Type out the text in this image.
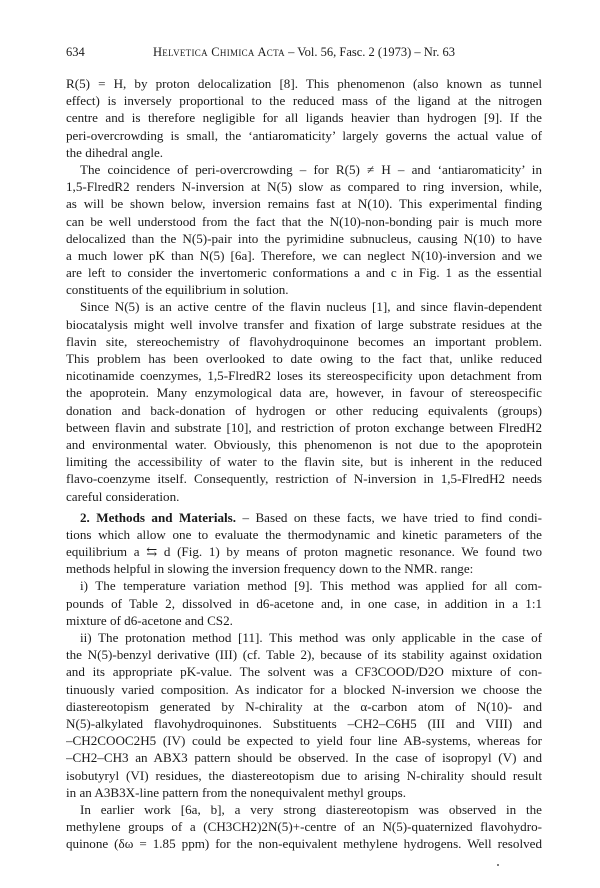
634	Helvetica Chimica Acta – Vol. 56, Fasc. 2 (1973) – Nr. 63
R(5) = H, by proton delocalization [8]. This phenomenon (also known as tunnel
effect) is inversely proportional to the reduced mass of the ligand at the nitrogen
centre and is therefore negligible for all ligands heavier than hydrogen [9]. If the
peri-overcrowding is small, the ‘antiaromaticity’ largely governs the actual value of
the dihedral angle.
The coincidence of peri-overcrowding – for R(5) ≠ H – and ‘antiaromaticity’ in
1,5-FlredR2 renders N-inversion at N(5) slow as compared to ring inversion, while,
as will be shown below, inversion remains fast at N(10). This experimental finding
can be well understood from the fact that the N(10)-non-bonding pair is much more
delocalized than the N(5)-pair into the pyrimidine subnucleus, causing N(10) to have
a much lower pK than N(5) [6a]. Therefore, we can neglect N(10)-inversion and we
are left to consider the invertomeric conformations a and c in Fig. 1 as the essential
constituents of the equilibrium in solution.
Since N(5) is an active centre of the flavin nucleus [1], and since flavin-dependent
biocatalysis might well involve transfer and fixation of large substrate residues at the
flavin site, stereochemistry of flavohydroquinone becomes an important problem.
This problem has been overlooked to date owing to the fact that, unlike reduced
nicotinamide coenzymes, 1,5-FlredR2 loses its stereospecificity upon detachment from
the apoprotein. Many enzymological data are, however, in favour of stereospecific
donation and back-donation of hydrogen or other reducing equivalents (groups)
between flavin and substrate [10], and restriction of proton exchange between FlredH2
and environmental water. Obviously, this phenomenon is not due to the apoprotein
limiting the accessibility of water to the flavin site, but is inherent in the reduced
flavo-coenzyme itself. Consequently, restriction of N-inversion in 1,5-FlredH2 needs
careful consideration.
2. Methods and Materials. – Based on these facts, we have tried to find condi-
tions which allow one to evaluate the thermodynamic and kinetic parameters of the
equilibrium a ⇆ d (Fig. 1) by means of proton magnetic resonance. We found two
methods helpful in slowing the inversion frequency down to the NMR. range:
i) The temperature variation method [9]. This method was applied for all com-
pounds of Table 2, dissolved in d6-acetone and, in one case, in addition in a 1:1
mixture of d6-acetone and CS2.
ii) The protonation method [11]. This method was only applicable in the case of
the N(5)-benzyl derivative (III) (cf. Table 2), because of its stability against oxidation
and its appropriate pK-value. The solvent was a CF3COOD/D2O mixture of con-
tinuously varied composition. As indicator for a blocked N-inversion we choose the
diastereotopism generated by N-chirality at the α-carbon atom of N(10)- and
N(5)-alkylated flavohydroquinones. Substituents –CH2–C6H5 (III and VIII) and
–CH2COOC2H5 (IV) could be expected to yield four line AB-systems, whereas for
–CH2–CH3 an ABX3 pattern should be observed. In the case of isopropyl (V) and
isobutyryl (VI) residues, the diastereotopism due to arising N-chirality should result
in an A3B3X-line pattern from the nonequivalent methyl groups.
In earlier work [6a, b], a very strong diastereotopism was observed in the
methylene groups of a (CH3CH2)2N(5)+-centre of an N(5)-quaternized flavohydro-
quinone (δω = 1.85 ppm) for the non-equivalent methylene hydrogens. Well resolved
